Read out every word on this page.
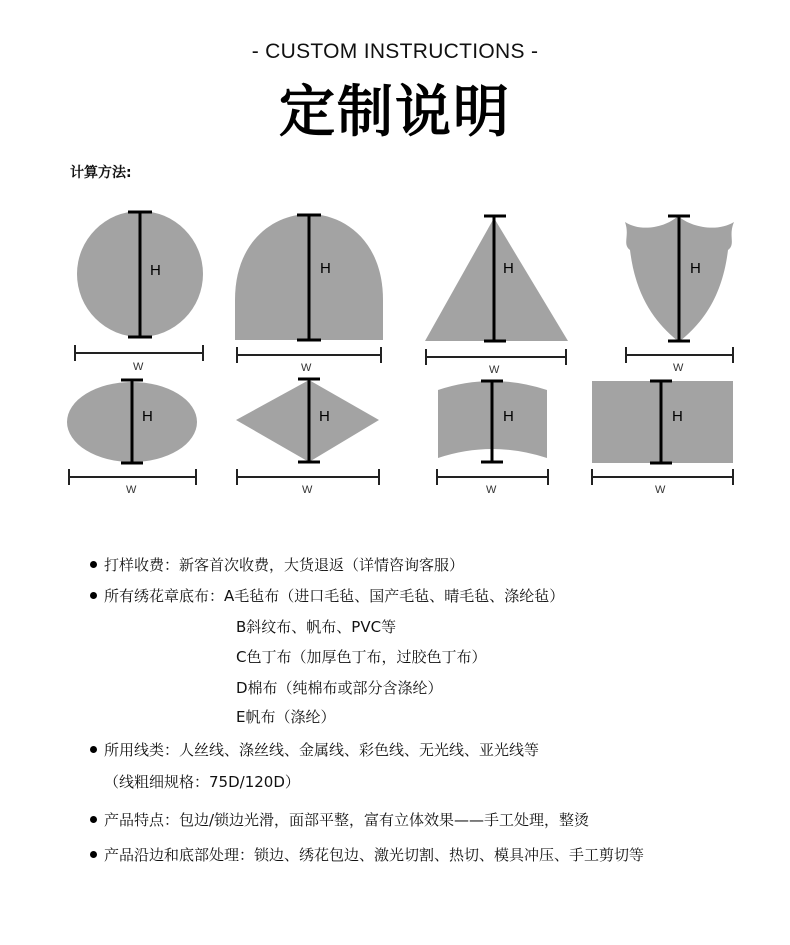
- CUSTOM INSTRUCTIONS -
定制说明
计算方法:
H
W
H
W
H
W
H
W
H
W
H
W
H
W
H
W
打样收费：新客首次收费，大货退返（详情咨询客服）
所有绣花章底布：A毛毡布（进口毛毡、国产毛毡、晴毛毡、涤纶毡）
B斜纹布、帆布、PVC等
C色丁布（加厚色丁布，过胶色丁布）
D棉布（纯棉布或部分含涤纶）
E帆布（涤纶）
所用线类：人丝线、涤丝线、金属线、彩色线、无光线、亚光线等
（线粗细规格：75D/120D）
产品特点：包边/锁边光滑，面部平整，富有立体效果——手工处理，整烫
产品沿边和底部处理：锁边、绣花包边、激光切割、热切、模具冲压、手工剪切等
